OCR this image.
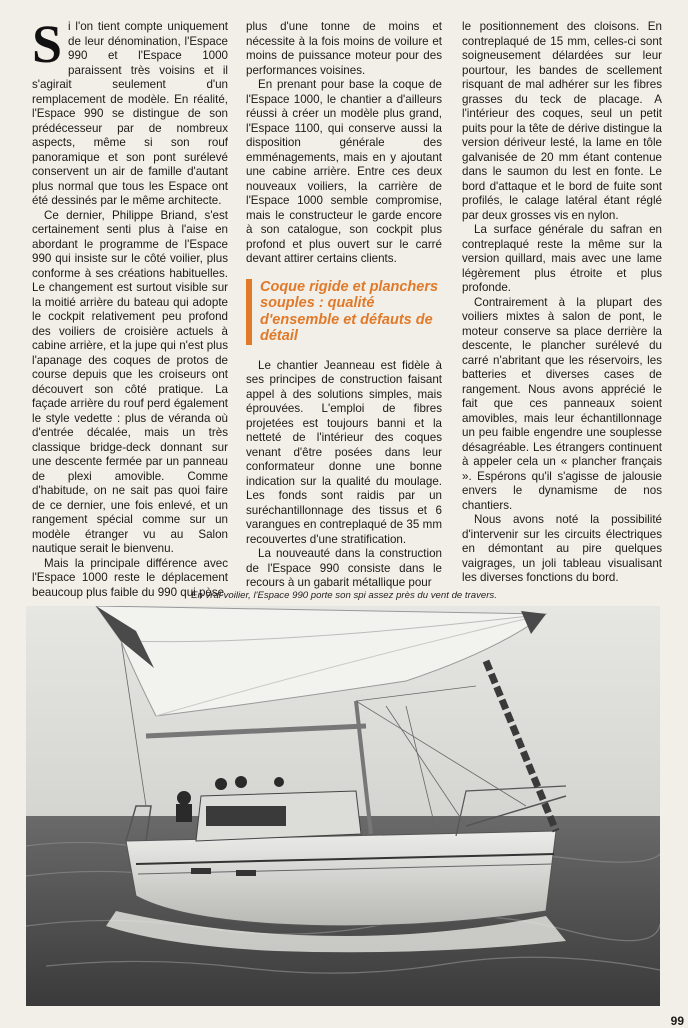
S i l'on tient compte uniquement de leur dénomination, l'Espace 990 et l'Espace 1000 paraissent très voisins et il s'agirait seulement d'un remplacement de modèle. En réalité, l'Espace 990 se distingue de son prédécesseur par de nombreux aspects, même si son rouf panoramique et son pont surélevé conservent un air de famille d'autant plus normal que tous les Espace ont été dessinés par le même architecte.

Ce dernier, Philippe Briand, s'est certainement senti plus à l'aise en abordant le programme de l'Espace 990 qui insiste sur le côté voilier, plus conforme à ses créations habituelles. Le changement est surtout visible sur la moitié arrière du bateau qui adopte le cockpit relativement peu profond des voiliers de croisière actuels à cabine arrière, et la jupe qui n'est plus l'apanage des coques de protos de course depuis que les croiseurs ont découvert son côté pratique. La façade arrière du rouf perd également le style vedette : plus de véranda où d'entrée décalée, mais un très classique bridge-deck donnant sur une descente fermée par un panneau de plexi amovible. Comme d'habitude, on ne sait pas quoi faire de ce dernier, une fois enlevé, et un rangement spécial comme sur un modèle étranger vu au Salon nautique serait le bienvenu.

Mais la principale différence avec l'Espace 1000 reste le déplacement beaucoup plus faible du 990 qui pèse

plus d'une tonne de moins et nécessite à la fois moins de voilure et moins de puissance moteur pour des performances voisines.

En prenant pour base la coque de l'Espace 1000, le chantier a d'ailleurs réussi à créer un modèle plus grand, l'Espace 1100, qui conserve aussi la disposition générale des emménagements, mais en y ajoutant une cabine arrière. Entre ces deux nouveaux voiliers, la carrière de l'Espace 1000 semble compromise, mais le constructeur le garde encore à son catalogue, son cockpit plus profond et plus ouvert sur le carré devant attirer certains clients.

Coque rigide et planchers souples : qualité d'ensemble et défauts de détail

Le chantier Jeanneau est fidèle à ses principes de construction faisant appel à des solutions simples, mais éprouvées. L'emploi de fibres projetées est toujours banni et la netteté de l'intérieur des coques venant d'être posées dans leur conformateur donne une bonne indication sur la qualité du moulage. Les fonds sont raidis par un suréchantillonnage des tissus et 6 varangues en contreplaqué de 35 mm recouvertes d'une stratification.

La nouveauté dans la construction de l'Espace 990 consiste dans le recours à un gabarit métallique pour

le positionnement des cloisons. En contreplaqué de 15 mm, celles-ci sont soigneusement délardées sur leur pourtour, les bandes de scellement risquant de mal adhérer sur les fibres grasses du teck de placage. A l'intérieur des coques, seul un petit puits pour la tête de dérive distingue la version dériveur lesté, la lame en tôle galvanisée de 20 mm étant contenue dans le saumon du lest en fonte. Le bord d'attaque et le bord de fuite sont profilés, le calage latéral étant réglé par deux grosses vis en nylon.

La surface générale du safran en contreplaqué reste la même sur la version quillard, mais avec une lame légèrement plus étroite et plus profonde.

Contrairement à la plupart des voiliers mixtes à salon de pont, le moteur conserve sa place derrière la descente, le plancher surélevé du carré n'abritant que les réservoirs, les batteries et diverses cases de rangement. Nous avons apprécié le fait que ces panneaux soient amovibles, mais leur échantillonnage un peu faible engendre une souplesse désagréable. Les étrangers continuent à appeler cela un « plancher français ». Espérons qu'il s'agisse de jalousie envers le dynamisme de nos chantiers.

Nous avons noté la possibilité d'intervenir sur les circuits électriques en démontant au pire quelques vaigrages, un joli tableau visualisant les diverses fonctions du bord.

En vrai voilier, l'Espace 990 porte son spi assez près du vent de travers.
99
